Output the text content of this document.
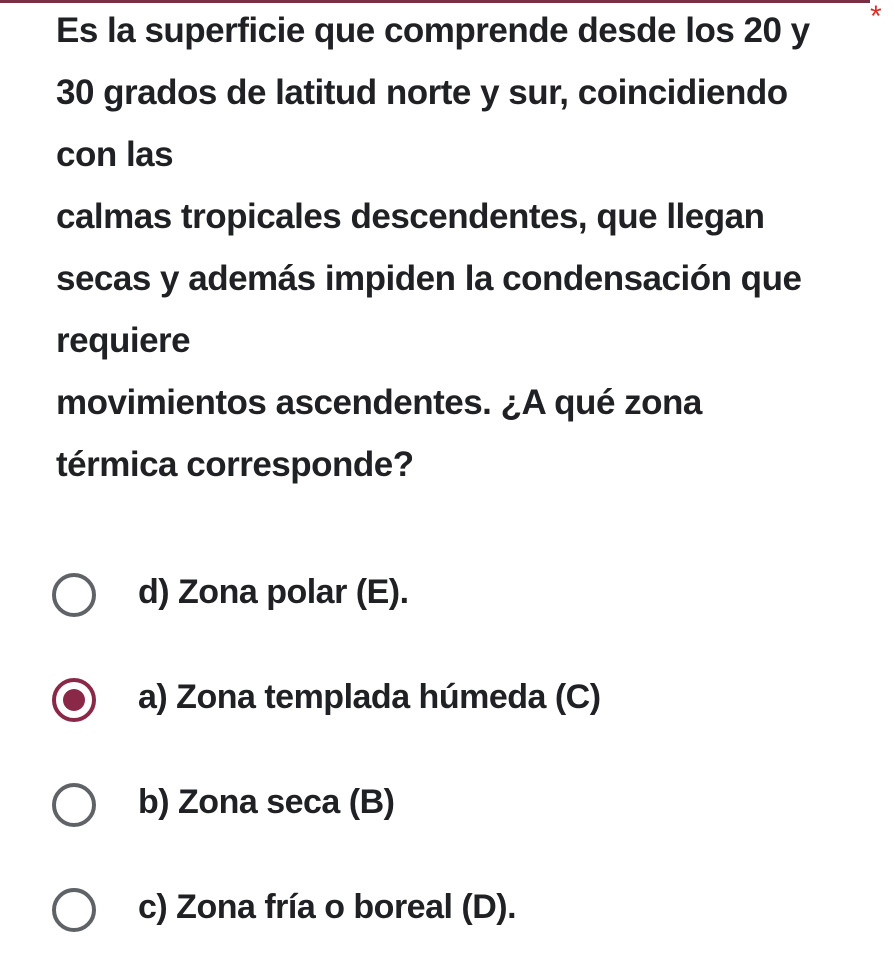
Es la superficie que comprende desde los 20 y
30 grados de latitud norte y sur, coincidiendo
con las
calmas tropicales descendentes, que llegan
secas y además impiden la condensación que
requiere
movimientos ascendentes. ¿A qué zona
térmica corresponde?
*
d) Zona polar (E).
a) Zona templada húmeda (C)
b) Zona seca (B)
c) Zona fría o boreal (D).
